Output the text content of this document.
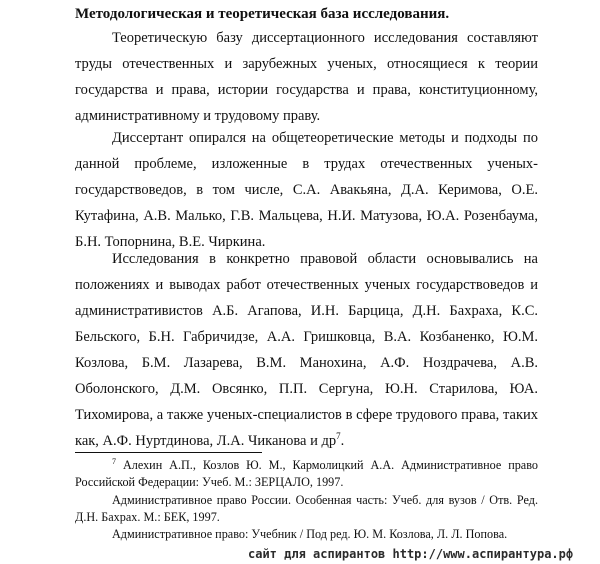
Методологическая и теоретическая база исследования.
Теоретическую базу диссертационного исследования составляют труды отечественных и зарубежных ученых, относящиеся к теории государства и права, истории государства и права, конституционному, административному и трудовому праву.
Диссертант опирался на общетеоретические методы и подходы по данной проблеме, изложенные в трудах отечественных ученых-государствоведов, в том числе, С.А. Авакьяна, Д.А. Керимова, О.Е. Кутафина, А.В. Малько, Г.В. Мальцева, Н.И. Матузова, Ю.А. Розенбаума, Б.Н. Топорнина, В.Е. Чиркина.
Исследования в конкретно правовой области основывались на положениях и выводах работ отечественных ученых государствоведов и административистов А.Б. Агапова, И.Н. Барцица, Д.Н. Бахраха, К.С. Бельского, Б.Н. Габричидзе, А.А. Гришковца, В.А. Козбаненко, Ю.М. Козлова, Б.М. Лазарева, В.М. Манохина, А.Ф. Ноздрачева, А.В. Оболонского, Д.М. Овсянко, П.П. Сергуна, Ю.Н. Старилова, ЮА. Тихомирова, а также ученых-специалистов в сфере трудового права, таких как, А.Ф. Нуртдинова, Л.А. Чиканова и $др^7$.
$^7$ Алехин А.П., Козлов Ю. М., Кармолицкий А.А. Административное право Российской Федерации: Учеб. М.: ЗЕРЦАЛО, 1997.
Административное право России. Особенная часть: Учеб. для вузов / Отв. Ред. Д.Н. Бахрах. М.: БЕК, 1997.
Административное право: Учебник / Под ред. Ю. М. Козлова, Л. Л. Попова.
сайт для аспирантов http://www.аспирантура.рф
